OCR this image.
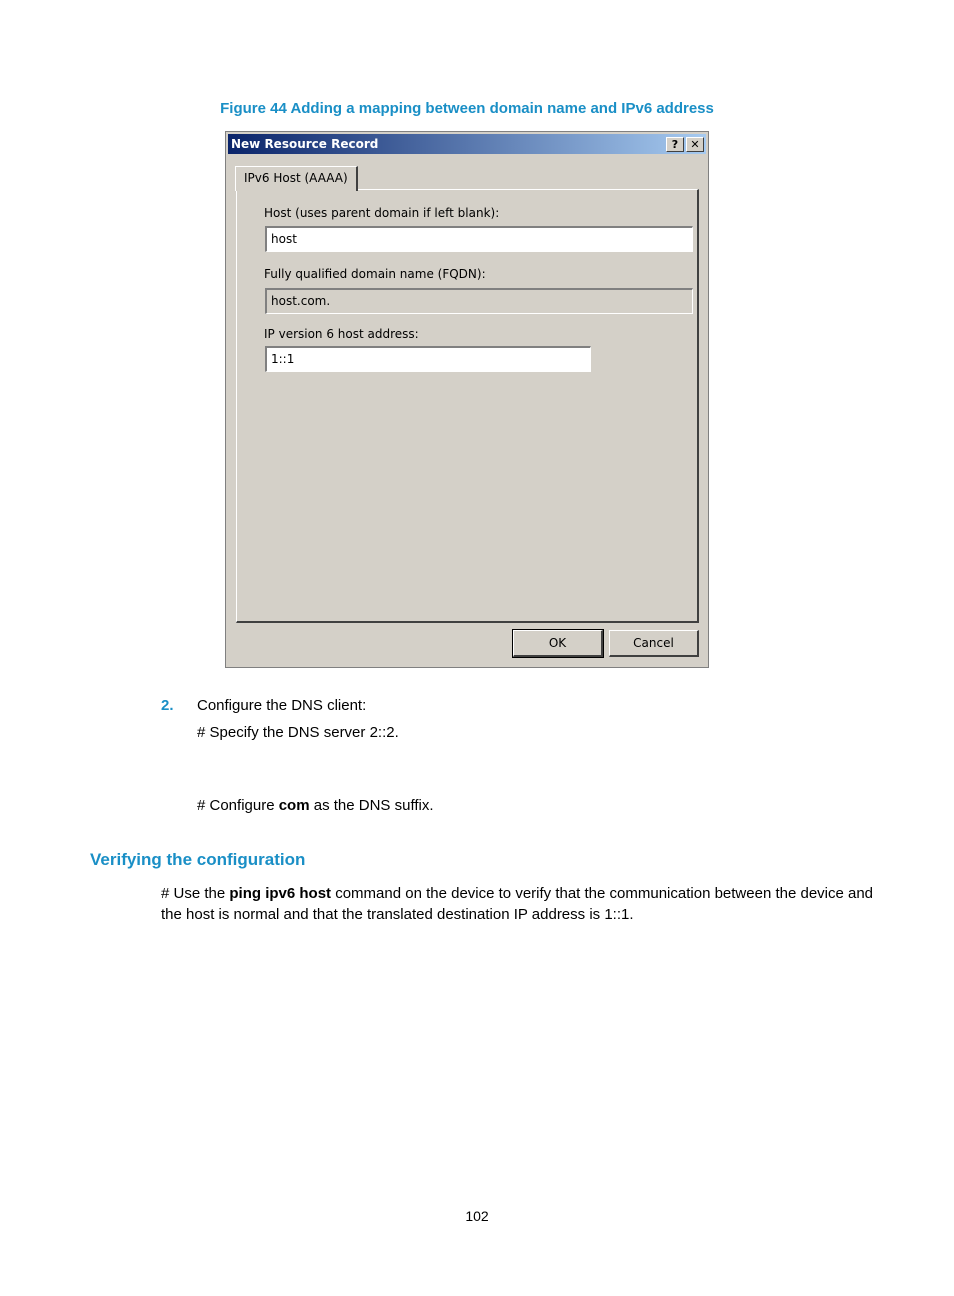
Figure 44 Adding a mapping between domain name and IPv6 address
New Resource Record	?	✕
IPv6 Host (AAAA)
Host (uses parent domain if left blank):
host
Fully qualified domain name (FQDN):
host.com.
IP version 6 host address:
1::1
OK	Cancel
2. Configure the DNS client:
# Specify the DNS server 2::2.
# Configure com as the DNS suffix.
Verifying the configuration
# Use the ping ipv6 host command on the device to verify that the communication between the device and the host is normal and that the translated destination IP address is 1::1.
102
